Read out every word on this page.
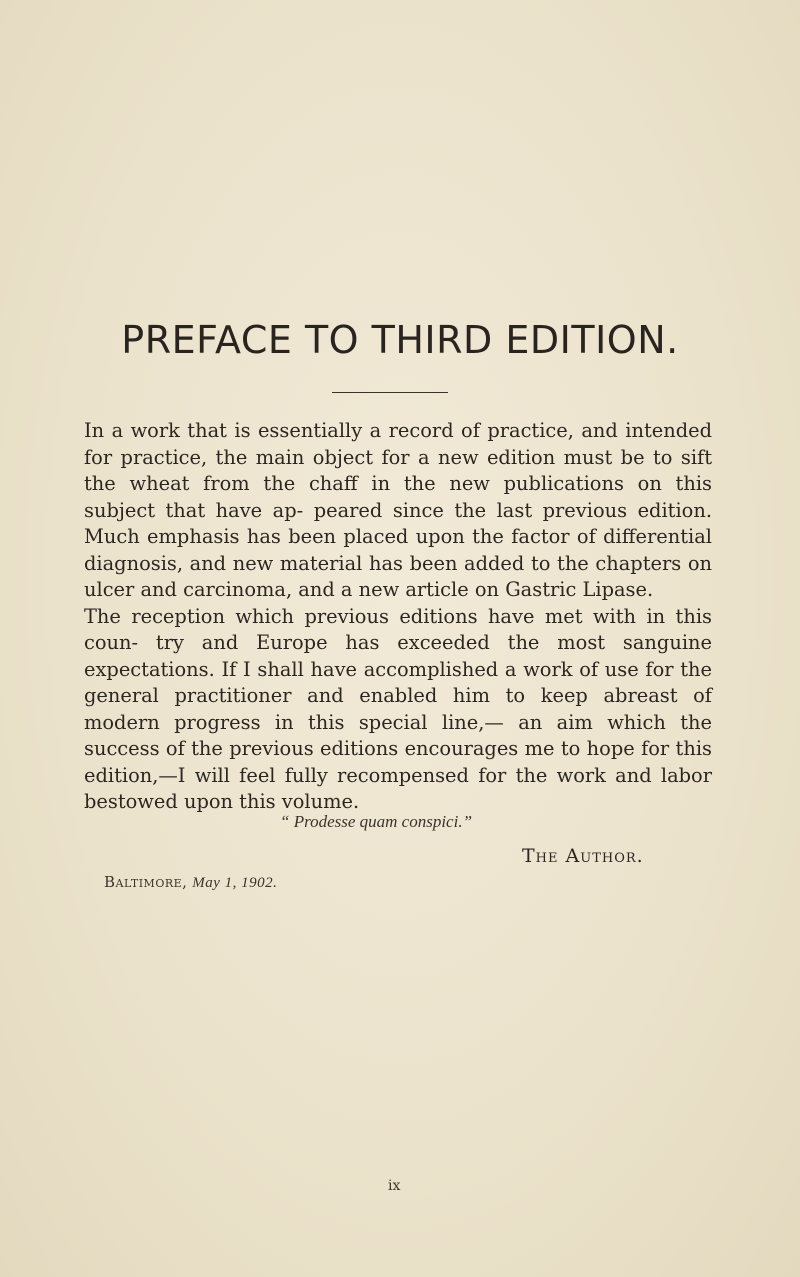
PREFACE TO THIRD EDITION.

In a work that is essentially a record of practice, and intended for practice, the main object for a new edition must be to sift the wheat from the chaff in the new publications on this subject that have ap- peared since the last previous edition. Much emphasis has been placed upon the factor of differential diagnosis, and new material has been added to the chapters on ulcer and carcinoma, and a new article on Gastric Lipase.

The reception which previous editions have met with in this coun- try and Europe has exceeded the most sanguine expectations. If I shall have accomplished a work of use for the general practitioner and enabled him to keep abreast of modern progress in this special line,— an aim which the success of the previous editions encourages me to hope for this edition,—I will feel fully recompensed for the work and labor bestowed upon this volume.

“ Prodesse quam conspici.”
The Author.
Baltimore, May 1, 1902.
ix
